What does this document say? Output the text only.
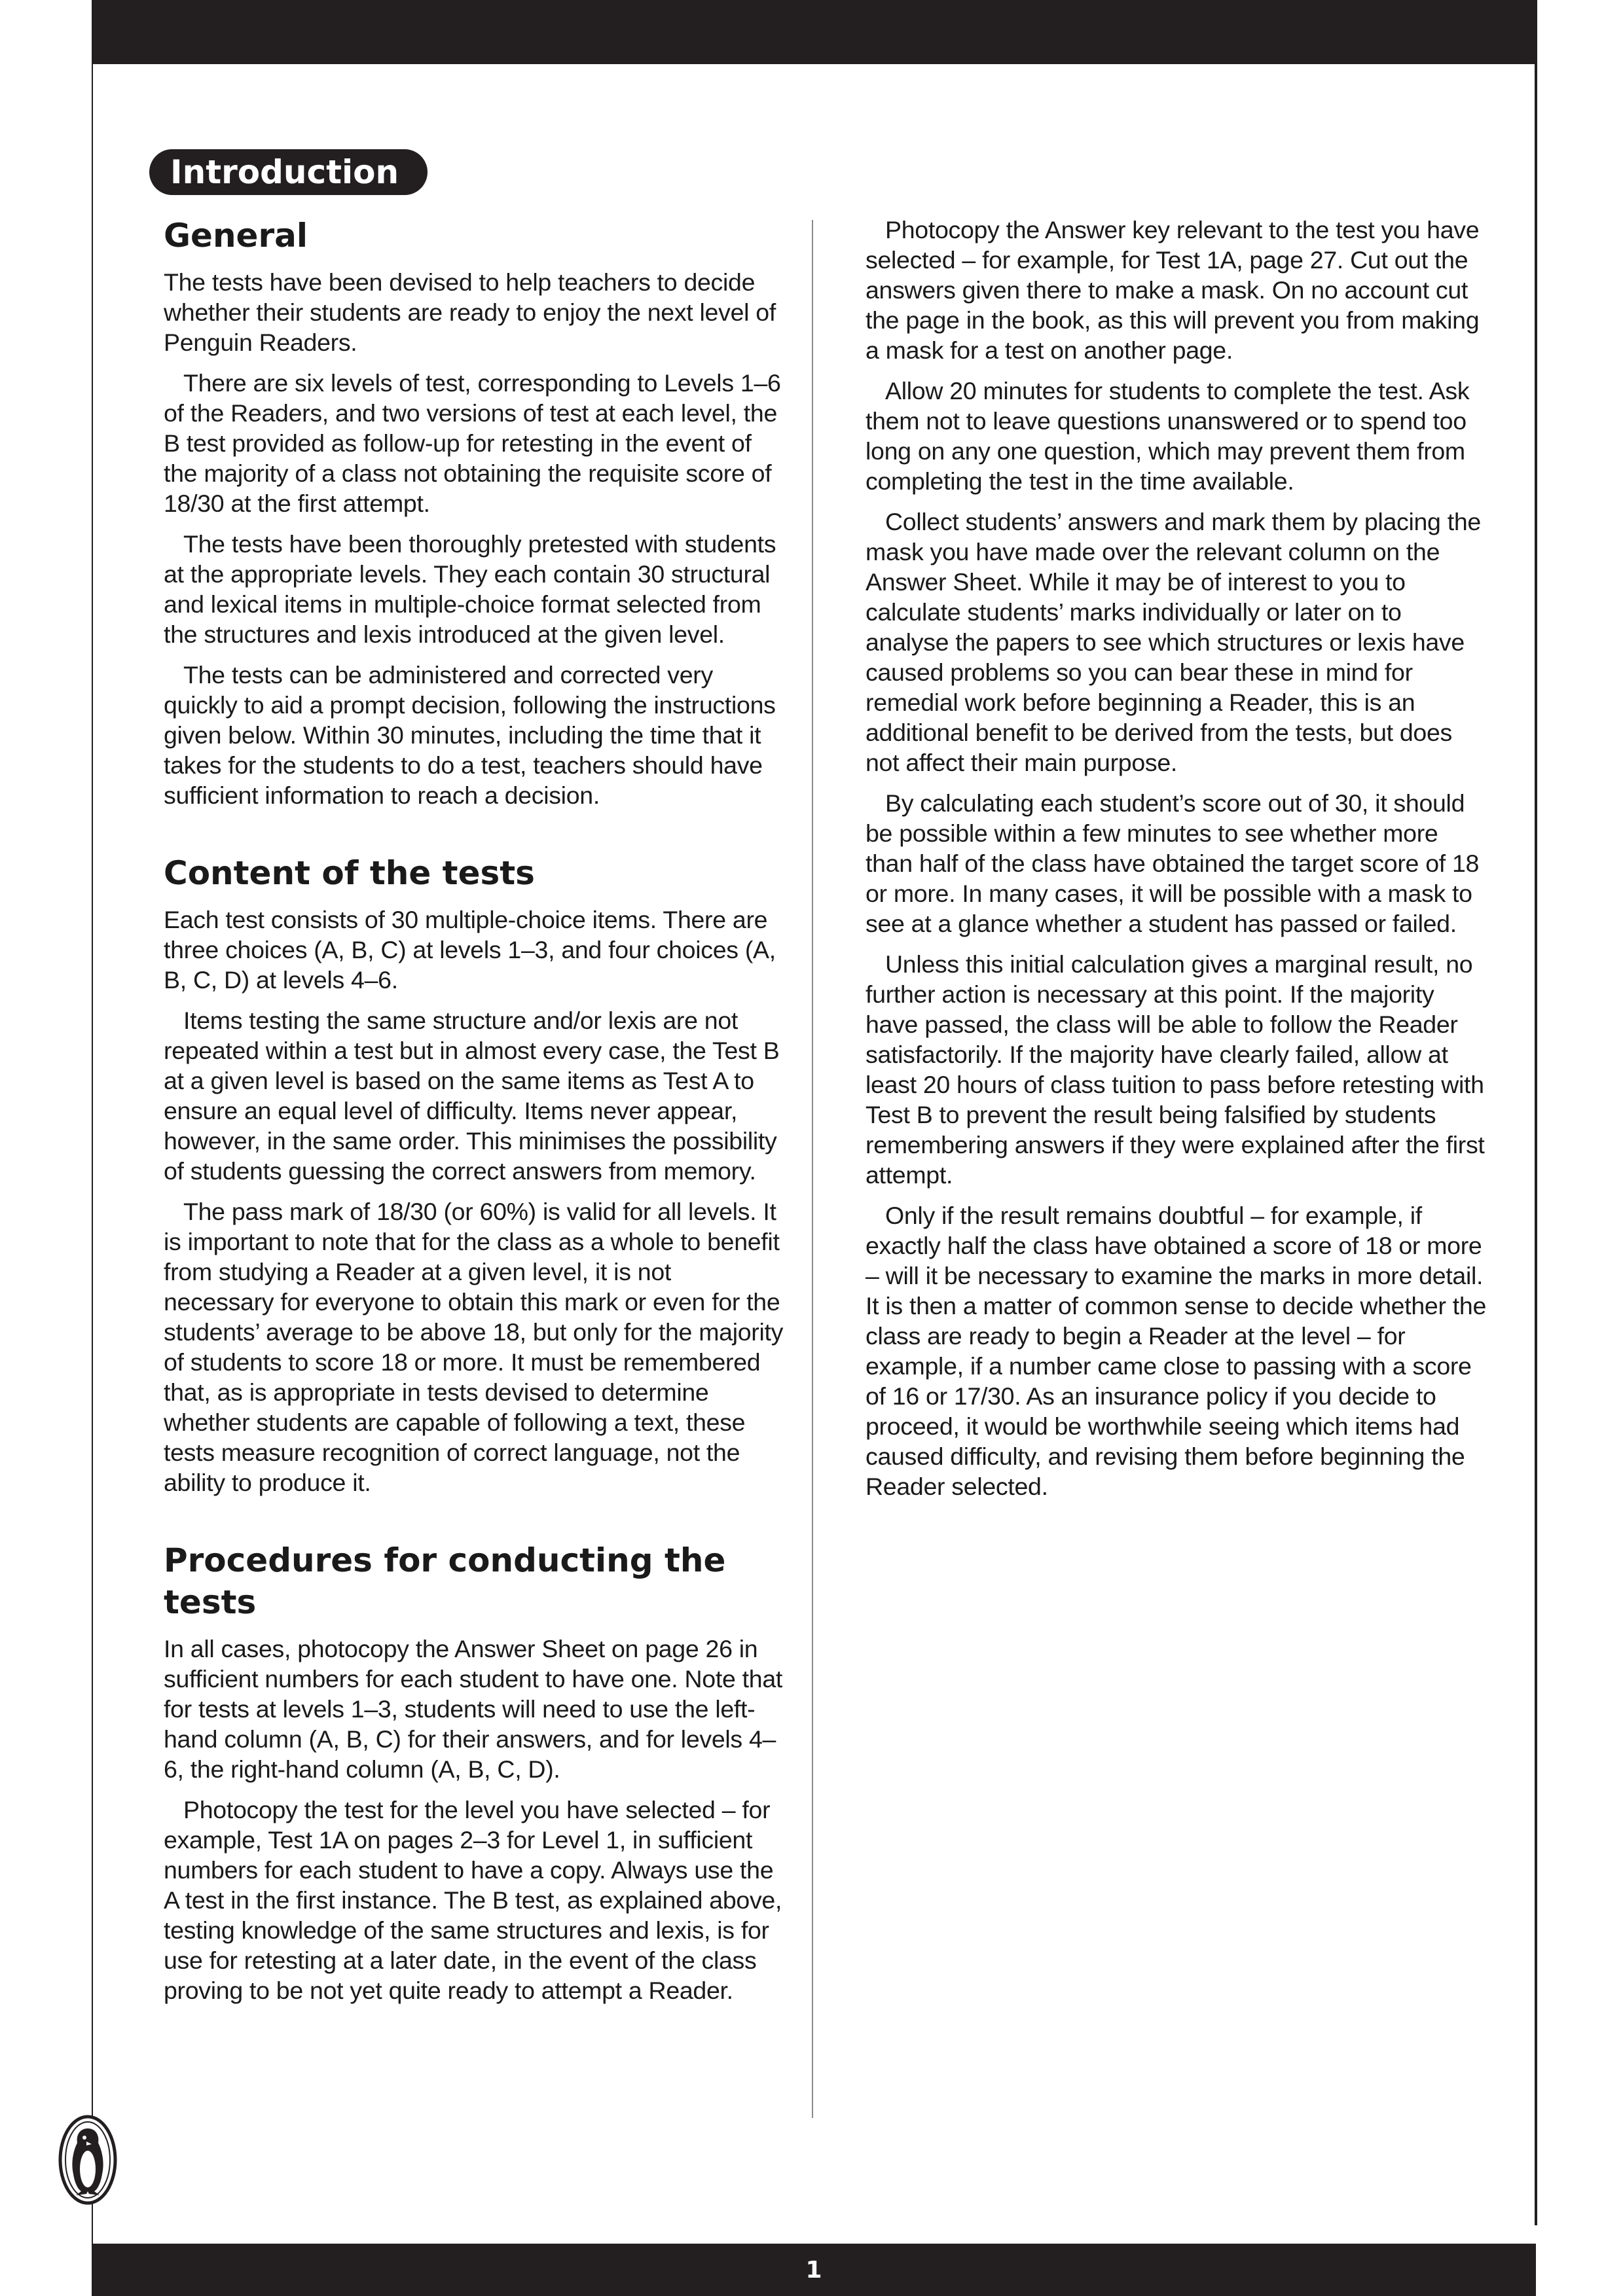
Introduction
General

The tests have been devised to help teachers to decide whether their students are ready to enjoy the next level of Penguin Readers.

There are six levels of test, corresponding to Levels 1–6 of the Readers, and two versions of test at each level, the B test provided as follow-up for retesting in the event of the majority of a class not obtaining the requisite score of 18/30 at the first attempt.

The tests have been thoroughly pretested with students at the appropriate levels. They each contain 30 structural and lexical items in multiple-choice format selected from the structures and lexis introduced at the given level.

The tests can be administered and corrected very quickly to aid a prompt decision, following the instructions given below. Within 30 minutes, including the time that it takes for the students to do a test, teachers should have sufficient information to reach a decision.

Content of the tests

Each test consists of 30 multiple-choice items. There are three choices (A, B, C) at levels 1–3, and four choices (A, B, C, D) at levels 4–6.

Items testing the same structure and/or lexis are not repeated within a test but in almost every case, the Test B at a given level is based on the same items as Test A to ensure an equal level of difficulty. Items never appear, however, in the same order. This minimises the possibility of students guessing the correct answers from memory.

The pass mark of 18/30 (or 60%) is valid for all levels. It is important to note that for the class as a whole to benefit from studying a Reader at a given level, it is not necessary for everyone to obtain this mark or even for the students’ average to be above 18, but only for the majority of students to score 18 or more. It must be remembered that, as is appropriate in tests devised to determine whether students are capable of following a text, these tests measure recognition of correct language, not the ability to produce it.

Procedures for conducting the tests

In all cases, photocopy the Answer Sheet on page 26 in sufficient numbers for each student to have one. Note that for tests at levels 1–3, students will need to use the left-hand column (A, B, C) for their answers, and for levels 4–6, the right-hand column (A, B, C, D).

Photocopy the test for the level you have selected – for example, Test 1A on pages 2–3 for Level 1, in sufficient numbers for each student to have a copy. Always use the A test in the first instance. The B test, as explained above, testing knowledge of the same structures and lexis, is for use for retesting at a later date, in the event of the class proving to be not yet quite ready to attempt a Reader.

Photocopy the Answer key relevant to the test you have selected – for example, for Test 1A, page 27. Cut out the answers given there to make a mask. On no account cut the page in the book, as this will prevent you from making a mask for a test on another page.

Allow 20 minutes for students to complete the test. Ask them not to leave questions unanswered or to spend too long on any one question, which may prevent them from completing the test in the time available.

Collect students’ answers and mark them by placing the mask you have made over the relevant column on the Answer Sheet. While it may be of interest to you to calculate students’ marks individually or later on to analyse the papers to see which structures or lexis have caused problems so you can bear these in mind for remedial work before beginning a Reader, this is an additional benefit to be derived from the tests, but does not affect their main purpose.

By calculating each student’s score out of 30, it should be possible within a few minutes to see whether more than half of the class have obtained the target score of 18 or more. In many cases, it will be possible with a mask to see at a glance whether a student has passed or failed.

Unless this initial calculation gives a marginal result, no further action is necessary at this point. If the majority have passed, the class will be able to follow the Reader satisfactorily. If the majority have clearly failed, allow at least 20 hours of class tuition to pass before retesting with Test B to prevent the result being falsified by students remembering answers if they were explained after the first attempt.

Only if the result remains doubtful – for example, if exactly half the class have obtained a score of 18 or more – will it be necessary to examine the marks in more detail. It is then a matter of common sense to decide whether the class are ready to begin a Reader at the level – for example, if a number came close to passing with a score of 16 or 17/30. As an insurance policy if you decide to proceed, it would be worthwhile seeing which items had caused difficulty, and revising them before beginning the Reader selected.

1
